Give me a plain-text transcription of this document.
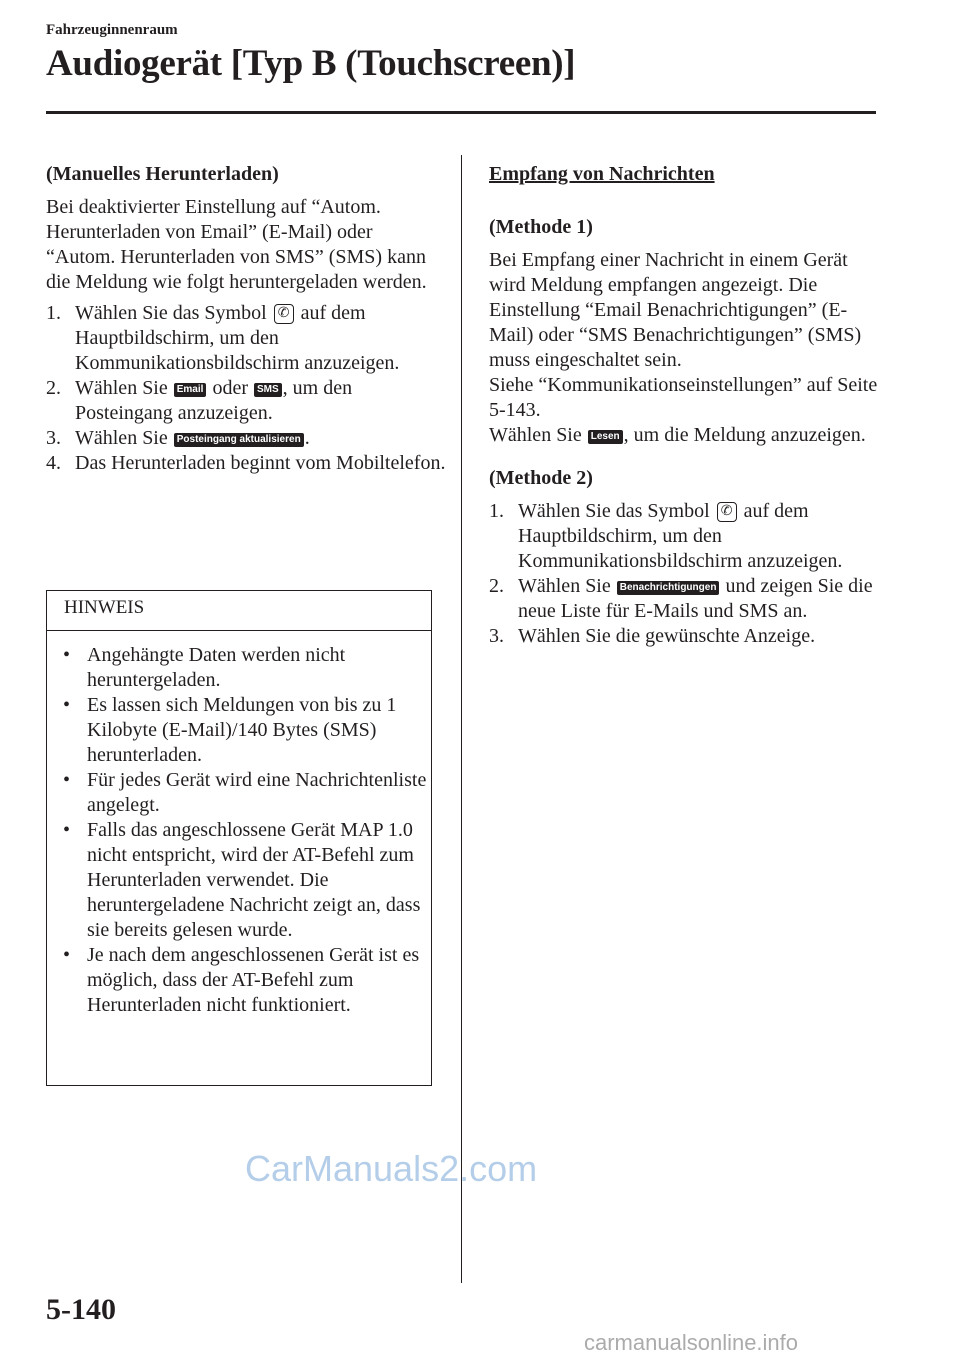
Fahrzeuginnenraum
Audiogerät [Typ B (Touchscreen)]

(Manuelles Herunterladen)

Bei deaktivierter Einstellung auf “Autom. Herunterladen von Email” (E-Mail) oder “Autom. Herunterladen von SMS” (SMS) kann die Meldung wie folgt heruntergeladen werden.

1. Wählen Sie das Symbol ✆ auf dem Hauptbildschirm, um den Kommunikationsbildschirm anzuzeigen.
2. Wählen Sie Email oder SMS , um den Posteingang anzuzeigen.
3. Wählen Sie Posteingang aktualisieren .
4. Das Herunterladen beginnt vom Mobiltelefon.
HINWEIS
• Angehängte Daten werden nicht heruntergeladen.
• Es lassen sich Meldungen von bis zu 1 Kilobyte (E-Mail)/140 Bytes (SMS) herunterladen.
• Für jedes Gerät wird eine Nachrichtenliste angelegt.
• Falls das angeschlossene Gerät MAP 1.0 nicht entspricht, wird der AT-Befehl zum Herunterladen verwendet. Die heruntergeladene Nachricht zeigt an, dass sie bereits gelesen wurde.
• Je nach dem angeschlossenen Gerät ist es möglich, dass der AT-Befehl zum Herunterladen nicht funktioniert.

Empfang von Nachrichten

(Methode 1)

Bei Empfang einer Nachricht in einem Gerät wird Meldung empfangen angezeigt. Die Einstellung “Email Benachrichtigungen” (E-Mail) oder “SMS Benachrichtigungen” (SMS) muss eingeschaltet sein.

Siehe “Kommunikationseinstellungen” auf Seite 5-143.

Wählen Sie Lesen , um die Meldung anzuzeigen.

(Methode 2)

1. Wählen Sie das Symbol ✆ auf dem Hauptbildschirm, um den Kommunikationsbildschirm anzuzeigen.
2. Wählen Sie Benachrichtigungen und zeigen Sie die neue Liste für E-Mails und SMS an.
3. Wählen Sie die gewünschte Anzeige.
CarManuals2.com
5-140
carmanualsonline.info
